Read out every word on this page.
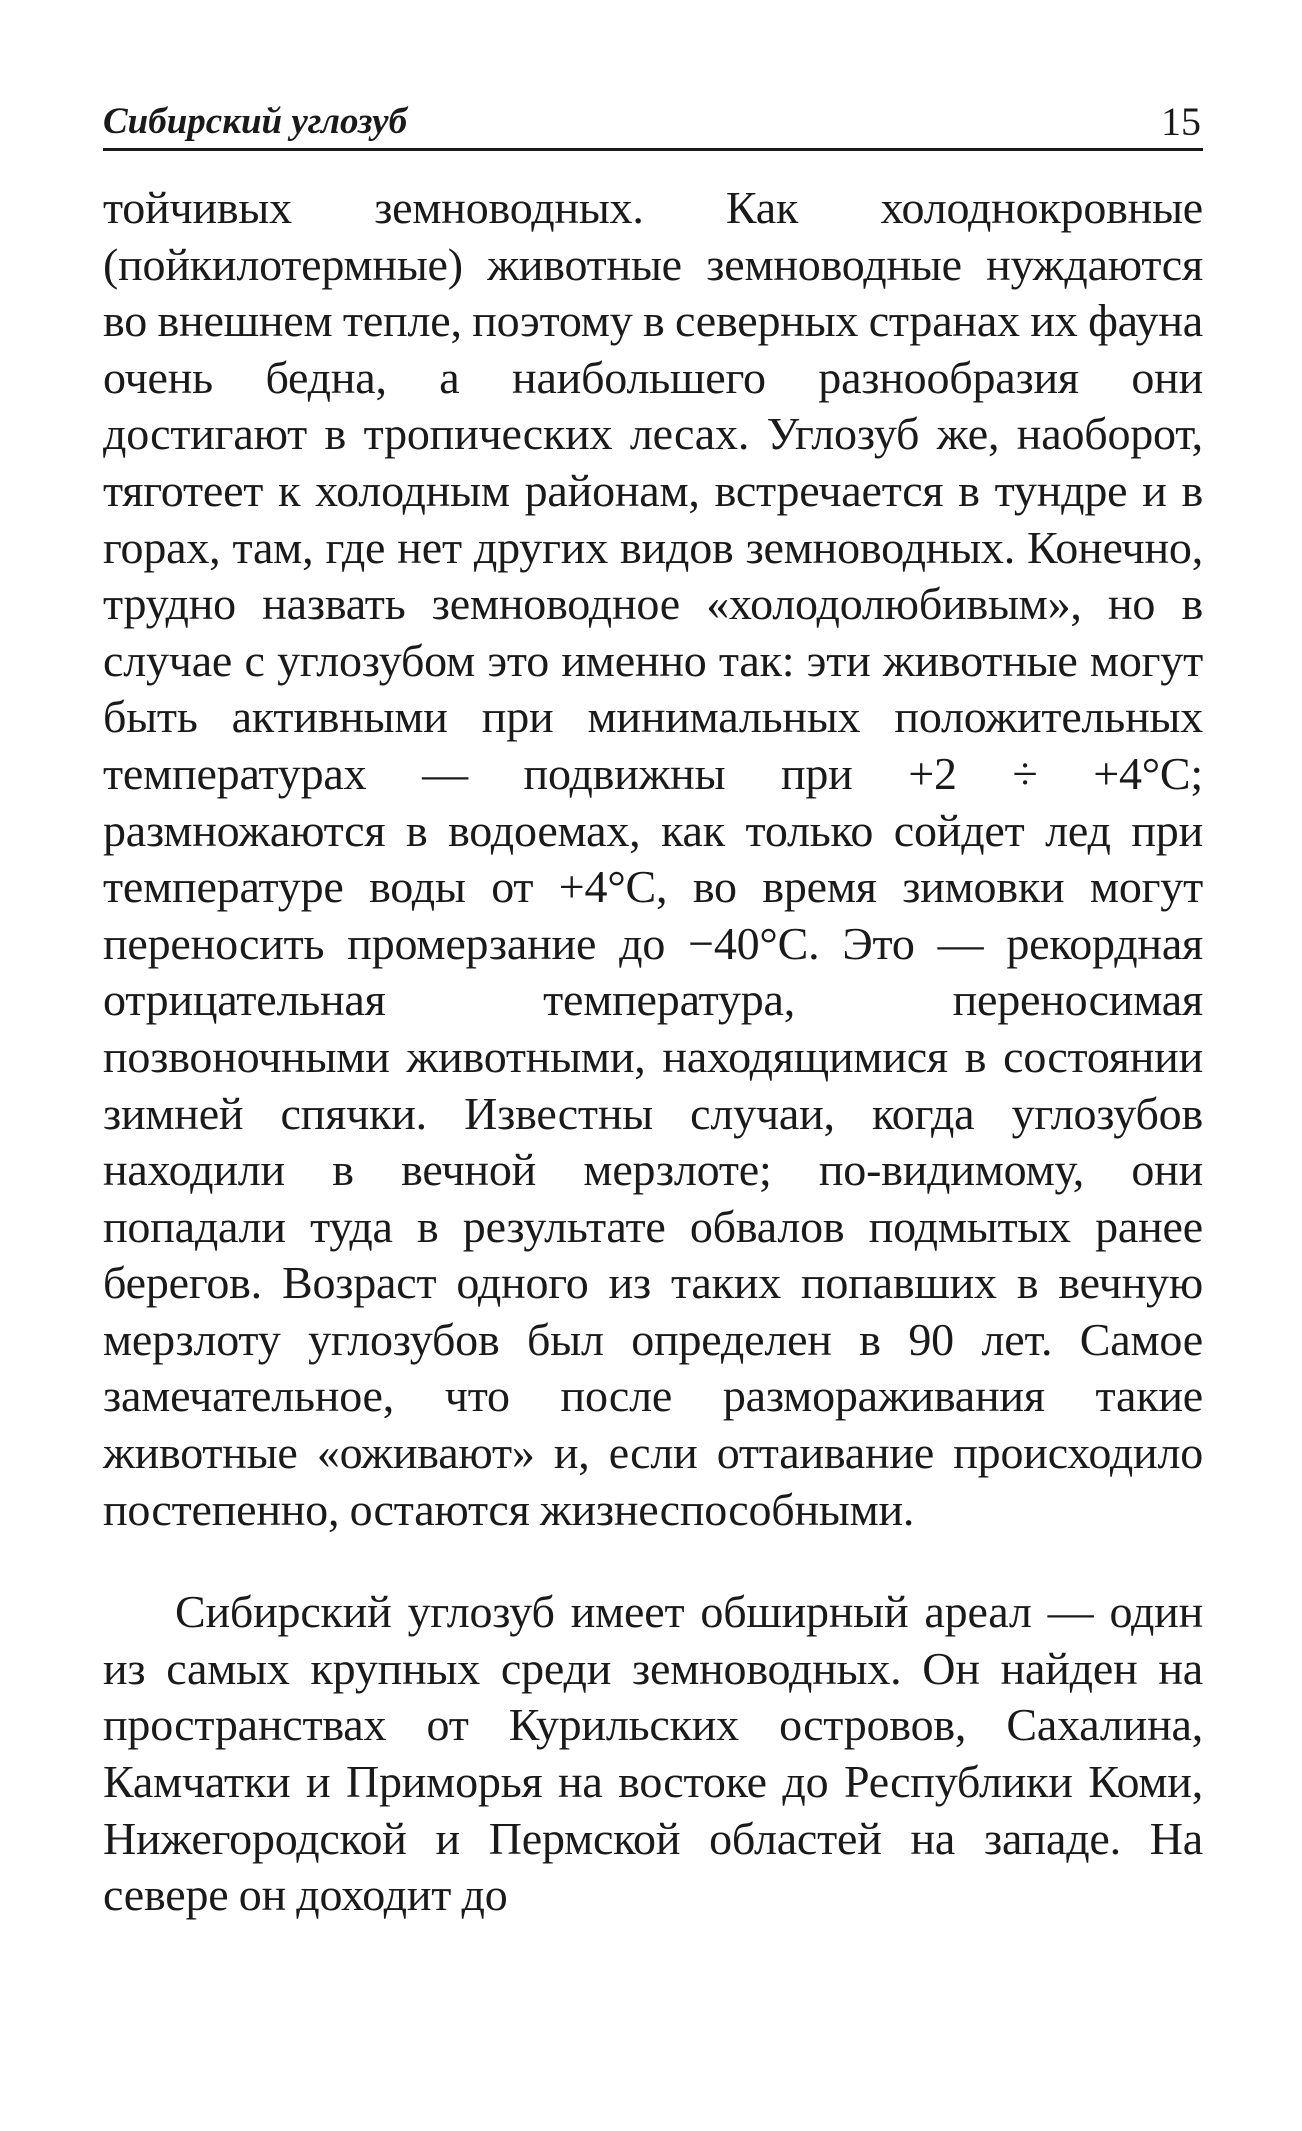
Сибирский углозуб	15

тойчивых земноводных. Как холоднокровные (пойкилотермные) животные земноводные нуждаются во внешнем тепле, поэтому в северных странах их фауна очень бедна, а наибольшего разнообразия они достигают в тропических лесах. Углозуб же, наоборот, тяготеет к холодным районам, встречается в тундре и в горах, там, где нет других видов земноводных. Конечно, трудно назвать земноводное «холодолюбивым», но в случае с углозубом это именно так: эти животные могут быть активными при минимальных положительных температурах — подвижны при +2 ÷ +4°С; размножаются в водоемах, как только сойдет лед при температуре воды от +4°С, во время зимовки могут переносить промерзание до −40°С. Это — рекордная отрицательная температура, переносимая позвоночными животными, находящимися в состоянии зимней спячки. Известны случаи, когда углозубов находили в вечной мерзлоте; по-видимому, они попадали туда в результате обвалов подмытых ранее берегов. Возраст одного из таких попавших в вечную мерзлоту углозубов был определен в 90 лет. Самое замечательное, что после размораживания такие животные «оживают» и, если оттаивание происходило постепенно, остаются жизнеспособными.

Сибирский углозуб имеет обширный ареал — один из самых крупных среди земноводных. Он найден на пространствах от Курильских островов, Сахалина, Камчатки и Приморья на востоке до Республики Коми, Нижегородской и Пермской областей на западе. На севере он доходит до
